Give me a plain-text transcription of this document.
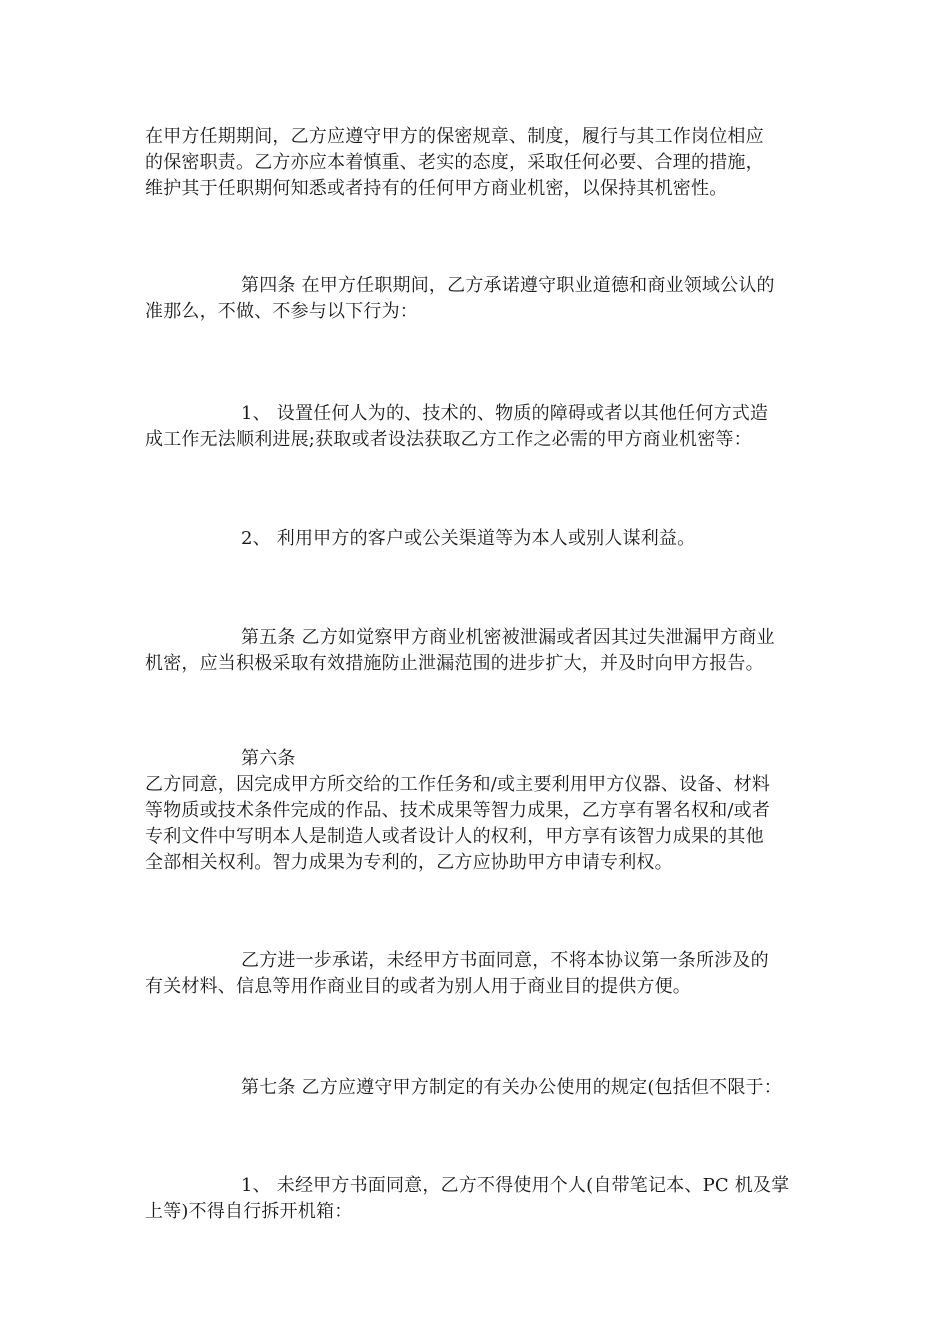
在甲方任期期间，乙方应遵守甲方的保密规章、制度，履行与其工作岗位相应
的保密职责。乙方亦应本着慎重、老实的态度，采取任何必要、合理的措施，
维护其于任职期何知悉或者持有的任何甲方商业机密，以保持其机密性。
第四条 在甲方任职期间，乙方承诺遵守职业道德和商业领域公认的
准那么，不做、不参与以下行为：
1、 设置任何人为的、技术的、物质的障碍或者以其他任何方式造
成工作无法顺利进展;获取或者设法获取乙方工作之必需的甲方商业机密等：
2、 利用甲方的客户或公关渠道等为本人或别人谋利益。
第五条 乙方如觉察甲方商业机密被泄漏或者因其过失泄漏甲方商业
机密，应当积极采取有效措施防止泄漏范围的进步扩大，并及时向甲方报告。
第六条
乙方同意，因完成甲方所交给的工作任务和/或主要利用甲方仪器、设备、材料
等物质或技术条件完成的作品、技术成果等智力成果，乙方享有署名权和/或者
专利文件中写明本人是制造人或者设计人的权利，甲方享有该智力成果的其他
全部相关权利。智力成果为专利的，乙方应协助甲方申请专利权。
乙方进一步承诺，未经甲方书面同意，不将本协议第一条所涉及的
有关材料、信息等用作商业目的或者为别人用于商业目的提供方便。
第七条 乙方应遵守甲方制定的有关办公使用的规定(包括但不限于：
1、 未经甲方书面同意，乙方不得使用个人(自带笔记本、PC 机及掌
上等)不得自行拆开机箱：
